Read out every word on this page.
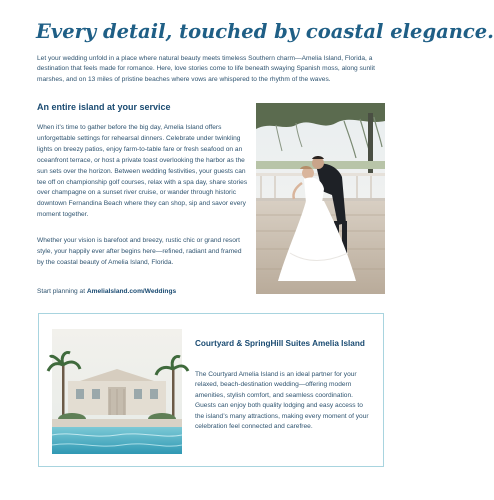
Every detail, touched by coastal elegance.

Let your wedding unfold in a place where natural beauty meets timeless Southern charm—Amelia Island, Florida, a destination that feels made for romance. Here, love stories come to life beneath swaying Spanish moss, along sunlit marshes, and on 13 miles of pristine beaches where vows are whispered to the rhythm of the waves.

An entire island at your service

When it’s time to gather before the big day, Amelia Island offers unforgettable settings for rehearsal dinners. Celebrate under twinkling lights on breezy patios, enjoy farm-to-table fare or fresh seafood on an oceanfront terrace, or host a private toast overlooking the harbor as the sun sets over the horizon. Between wedding festivities, your guests can tee off on championship golf courses, relax with a spa day, share stories over champagne on a sunset river cruise, or wander through historic downtown Fernandina Beach where they can shop, sip and savor every moment together.

Whether your vision is barefoot and breezy, rustic chic or grand resort style, your happily ever after begins here—refined, radiant and framed by the coastal beauty of Amelia Island, Florida.

Start planning at AmeliaIsland.com/Weddings

Courtyard & SpringHill Suites Amelia Island

The Courtyard Amelia Island is an ideal partner for your relaxed, beach-destination wedding—offering modern amenities, stylish comfort, and seamless coordination. Guests can enjoy both quality lodging and easy access to the island’s many attractions, making every moment of your celebration feel connected and carefree.
